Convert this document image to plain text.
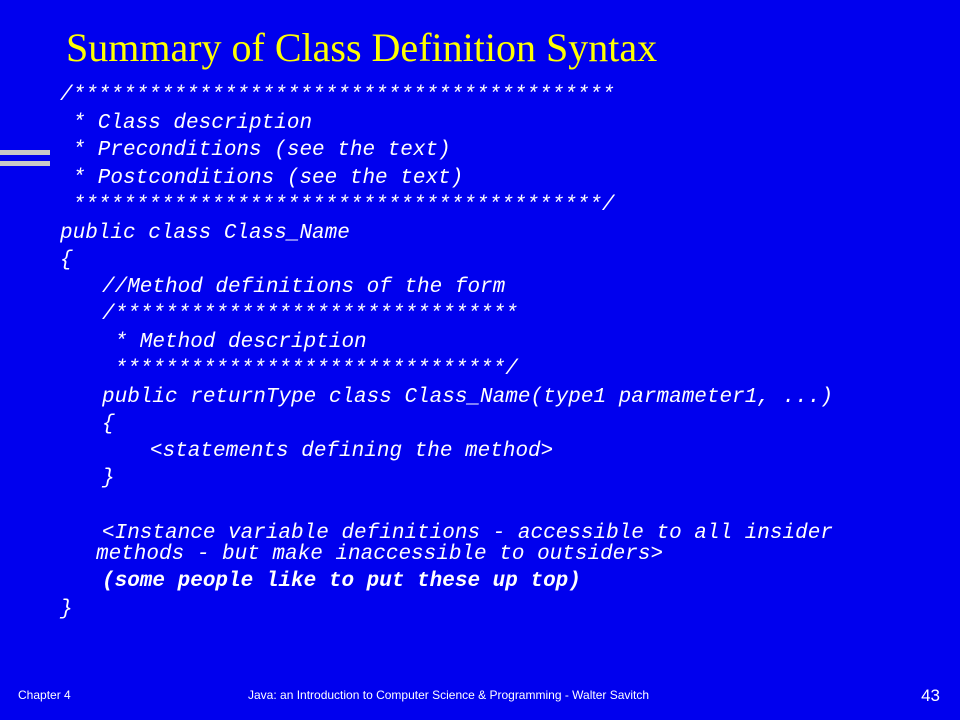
Summary of Class Definition Syntax
/*******************************************
* Class description
* Preconditions (see the text)
* Postconditions (see the text)
******************************************/
public class Class_Name
{
//Method definitions of the form
/********************************
* Method description
*******************************/
public returnType class Class_Name(type1 parmameter1, ...)
{
<statements defining the method>
}
<Instance variable definitions - accessible to all insider
methods - but make inaccessible to outsiders>
(some people like to put these up top)
}
Chapter 4	Java: an Introduction to Computer Science & Programming - Walter Savitch	43
